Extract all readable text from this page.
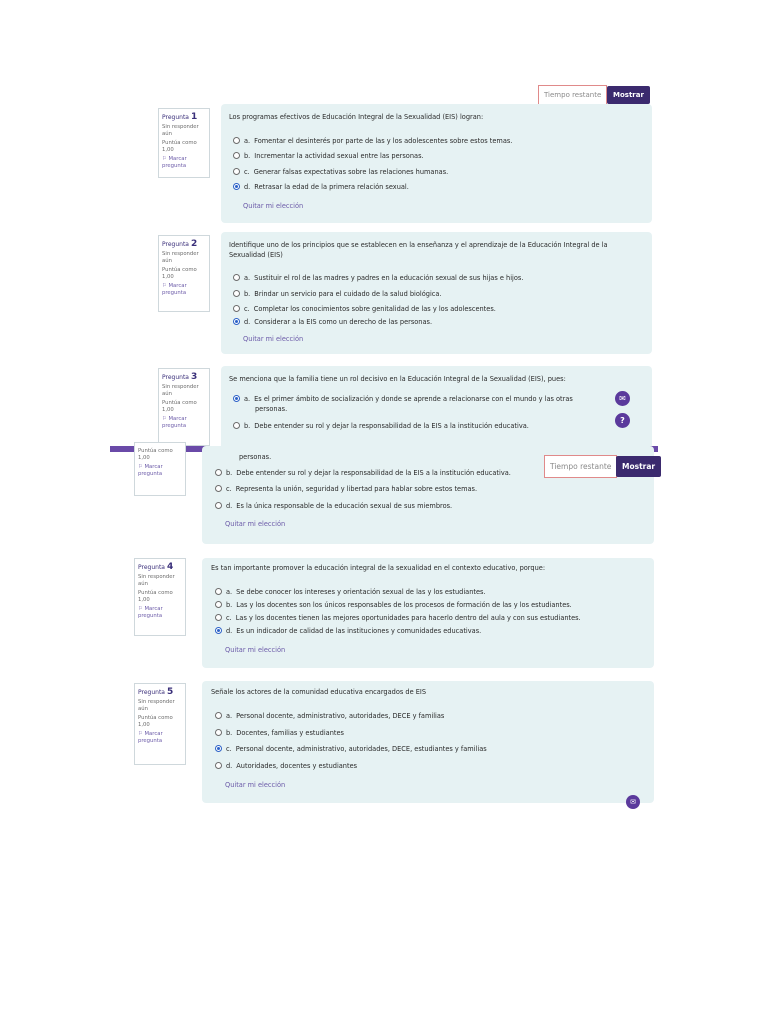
Tiempo restante	Mostrar
Pregunta 1
Sin responder aún
Puntúa como 1,00
⚐ Marcar pregunta
Los programas efectivos de Educación Integral de la Sexualidad (EIS) logran:
a. Fomentar el desinterés por parte de las y los adolescentes sobre estos temas.
b. Incrementar la actividad sexual entre las personas.
c. Generar falsas expectativas sobre las relaciones humanas.
d. Retrasar la edad de la primera relación sexual.
Quitar mi elección
Pregunta 2
Sin responder aún
Puntúa como 1,00
⚐ Marcar pregunta
Identifique uno de los principios que se establecen en la enseñanza y el aprendizaje de la Educación Integral de la Sexualidad (EIS)
a. Sustituir el rol de las madres y padres en la educación sexual de sus hijas e hijos.
b. Brindar un servicio para el cuidado de la salud biológica.
c. Completar los conocimientos sobre genitalidad de las y los adolescentes.
d. Considerar a la EIS como un derecho de las personas.
Quitar mi elección
Pregunta 3
Sin responder aún
Puntúa como 1,00
⚐ Marcar pregunta
Se menciona que la familia tiene un rol decisivo en la Educación Integral de la Sexualidad (EIS), pues:
a. Es el primer ámbito de socialización y donde se aprende a relacionarse con el mundo y las otras
personas.
b. Debe entender su rol y dejar la responsabilidad de la EIS a la institución educativa.
✉
?
Puntúa como 1,00
⚐ Marcar pregunta
personas.
b. Debe entender su rol y dejar la responsabilidad de la EIS a la institución educativa.
c. Representa la unión, seguridad y libertad para hablar sobre estos temas.
d. Es la única responsable de la educación sexual de sus miembros.
Quitar mi elección
Tiempo restante	Mostrar
Pregunta 4
Sin responder aún
Puntúa como 1,00
⚐ Marcar pregunta
Es tan importante promover la educación integral de la sexualidad en el contexto educativo, porque:
a. Se debe conocer los intereses y orientación sexual de las y los estudiantes.
b. Las y los docentes son los únicos responsables de los procesos de formación de las y los estudiantes.
c. Las y los docentes tienen las mejores oportunidades para hacerlo dentro del aula y con sus estudiantes.
d. Es un indicador de calidad de las instituciones y comunidades educativas.
Quitar mi elección
Pregunta 5
Sin responder aún
Puntúa como 1,00
⚐ Marcar pregunta
Señale los actores de la comunidad educativa encargados de EIS
a. Personal docente, administrativo, autoridades, DECE y familias
b. Docentes, familias y estudiantes
c. Personal docente, administrativo, autoridades, DECE, estudiantes y familias
d. Autoridades, docentes y estudiantes
Quitar mi elección
✉
